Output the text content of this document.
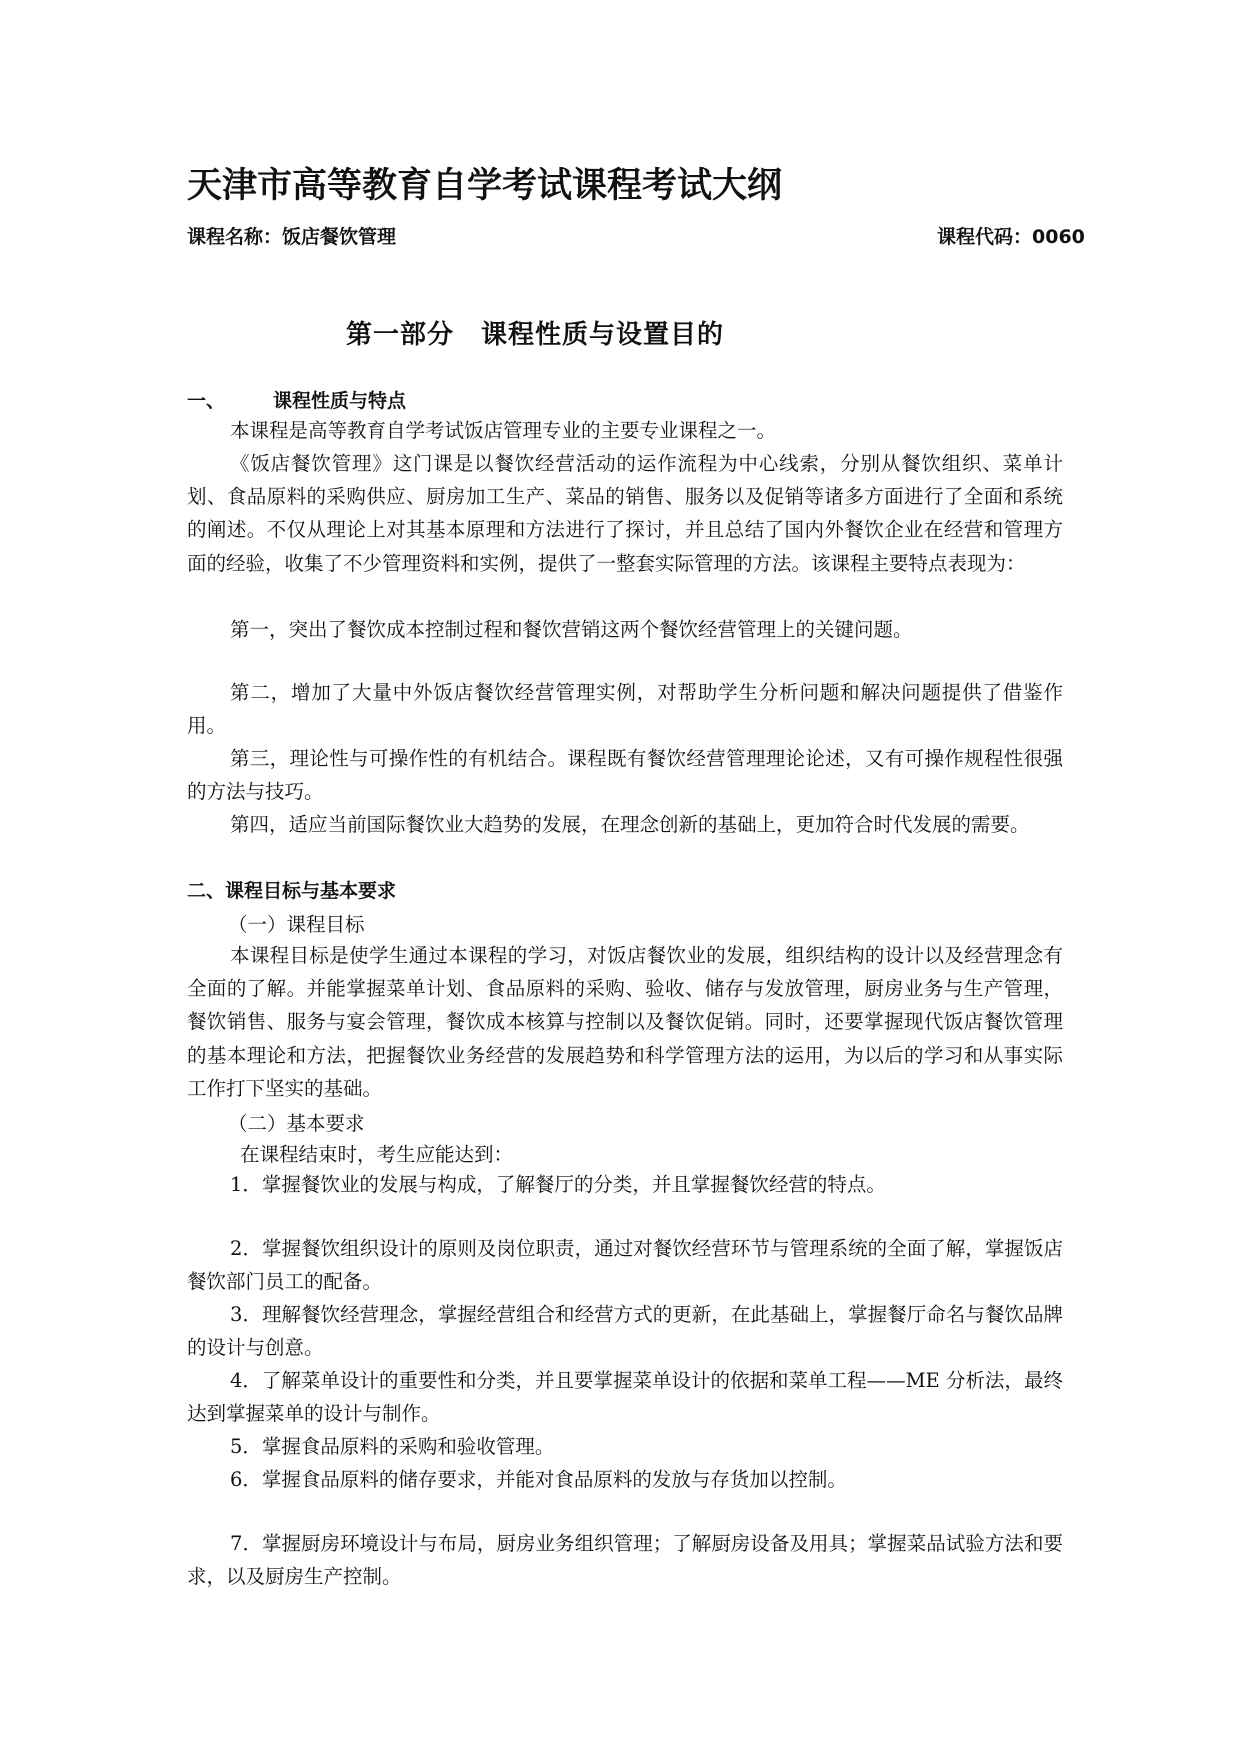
天津市高等教育自学考试课程考试大纲
课程名称：饭店餐饮管理	课程代码：0060
第一部分　课程性质与设置目的
一、	课程性质与特点
本课程是高等教育自学考试饭店管理专业的主要专业课程之一。
《饭店餐饮管理》这门课是以餐饮经营活动的运作流程为中心线索，分别从餐饮组织、菜单计划、食品原料的采购供应、厨房加工生产、菜品的销售、服务以及促销等诸多方面进行了全面和系统的阐述。不仅从理论上对其基本原理和方法进行了探讨，并且总结了国内外餐饮企业在经营和管理方面的经验，收集了不少管理资料和实例，提供了一整套实际管理的方法。该课程主要特点表现为：
第一，突出了餐饮成本控制过程和餐饮营销这两个餐饮经营管理上的关键问题。
第二，增加了大量中外饭店餐饮经营管理实例，对帮助学生分析问题和解决问题提供了借鉴作用。
第三，理论性与可操作性的有机结合。课程既有餐饮经营管理理论论述，又有可操作规程性很强的方法与技巧。
第四，适应当前国际餐饮业大趋势的发展，在理念创新的基础上，更加符合时代发展的需要。
二、课程目标与基本要求
（一）课程目标
本课程目标是使学生通过本课程的学习，对饭店餐饮业的发展，组织结构的设计以及经营理念有全面的了解。并能掌握菜单计划、食品原料的采购、验收、储存与发放管理，厨房业务与生产管理，餐饮销售、服务与宴会管理，餐饮成本核算与控制以及餐饮促销。同时，还要掌握现代饭店餐饮管理的基本理论和方法，把握餐饮业务经营的发展趋势和科学管理方法的运用，为以后的学习和从事实际工作打下坚实的基础。
（二）基本要求
在课程结束时，考生应能达到：
1．掌握餐饮业的发展与构成，了解餐厅的分类，并且掌握餐饮经营的特点。
2．掌握餐饮组织设计的原则及岗位职责，通过对餐饮经营环节与管理系统的全面了解，掌握饭店餐饮部门员工的配备。
3．理解餐饮经营理念，掌握经营组合和经营方式的更新，在此基础上，掌握餐厅命名与餐饮品牌的设计与创意。
4．了解菜单设计的重要性和分类，并且要掌握菜单设计的依据和菜单工程——ME 分析法，最终达到掌握菜单的设计与制作。
5．掌握食品原料的采购和验收管理。
6．掌握食品原料的储存要求，并能对食品原料的发放与存货加以控制。
7．掌握厨房环境设计与布局，厨房业务组织管理；了解厨房设备及用具；掌握菜品试验方法和要求，以及厨房生产控制。
